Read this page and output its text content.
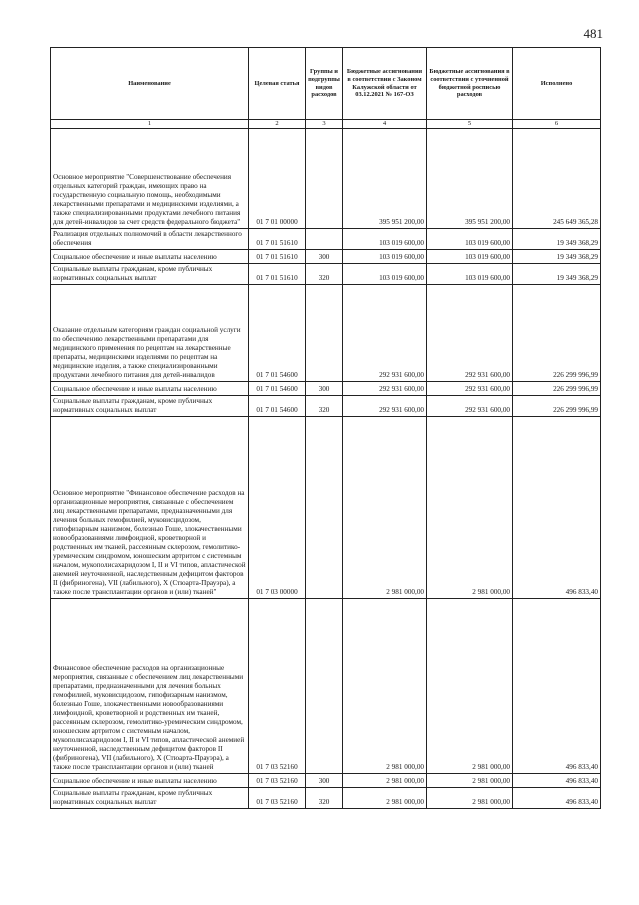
481
Наименование	Целевая статья	Группы и подгруппы видов расходов	Бюджетные ассигнования в соответствии с Законом Калужской области от 03.12.2021 № 167-ОЗ	Бюджетные ассигнования в соответствии с уточненной бюджетной росписью расходов	Исполнено
1	2	3	4	5	6
Основное мероприятие "Совершенствование обеспечения отдельных категорий граждан, имеющих право на государственную социальную помощь, необходимыми лекарственными препаратами и медицинскими изделиями, а также специализированными продуктами лечебного питания для детей-инвалидов за счет средств федерального бюджета"	01 7 01 00000		395 951 200,00	395 951 200,00	245 649 365,28
Реализация отдельных полномочий в области лекарственного обеспечения	01 7 01 51610		103 019 600,00	103 019 600,00	19 349 368,29
Социальное обеспечение и иные выплаты населению	01 7 01 51610	300	103 019 600,00	103 019 600,00	19 349 368,29
Социальные выплаты гражданам, кроме публичных нормативных социальных выплат	01 7 01 51610	320	103 019 600,00	103 019 600,00	19 349 368,29
Оказание отдельным категориям граждан социальной услуги по обеспечению лекарственными препаратами для медицинского применения по рецептам на лекарственные препараты, медицинскими изделиями по рецептам на медицинские изделия, а также специализированными продуктами лечебного питания для детей-инвалидов	01 7 01 54600		292 931 600,00	292 931 600,00	226 299 996,99
Социальное обеспечение и иные выплаты населению	01 7 01 54600	300	292 931 600,00	292 931 600,00	226 299 996,99
Социальные выплаты гражданам, кроме публичных нормативных социальных выплат	01 7 01 54600	320	292 931 600,00	292 931 600,00	226 299 996,99
Основное мероприятие "Финансовое обеспечение расходов на организационные мероприятия, связанные с обеспечением лиц лекарственными препаратами, предназначенными для лечения больных гемофилией, муковисцидозом, гипофизарным нанизмом, болезнью Гоше, злокачественными новообразованиями лимфоидной, кроветворной и родственных им тканей, рассеянным склерозом, гемолитико-уремическим синдромом, юношеским артритом с системным началом, мукополисахаридозом I, II и VI типов, апластической анемией неуточненной, наследственным дефицитом факторов II (фибриногена), VII (лабильного), X (Стюарта-Прауэра), а также после трансплантации органов и (или) тканей"	01 7 03 00000		2 981 000,00	2 981 000,00	496 833,40
Финансовое обеспечение расходов на организационные мероприятия, связанные с обеспечением лиц лекарственными препаратами, предназначенными для лечения больных гемофилией, муковисцидозом, гипофизарным нанизмом, болезнью Гоше, злокачественными новообразованиями лимфоидной, кроветворной и родственных им тканей, рассеянным склерозом, гемолитико-уремическим синдромом, юношеским артритом с системным началом, мукополисахаридозом I, II и VI типов, апластической анемией неуточненной, наследственным дефицитом факторов II (фибриногена), VII (лабильного), X (Стюарта-Прауэра), а также после трансплантации органов и (или) тканей	01 7 03 52160		2 981 000,00	2 981 000,00	496 833,40
Социальное обеспечение и иные выплаты населению	01 7 03 52160	300	2 981 000,00	2 981 000,00	496 833,40
Социальные выплаты гражданам, кроме публичных нормативных социальных выплат	01 7 03 52160	320	2 981 000,00	2 981 000,00	496 833,40
